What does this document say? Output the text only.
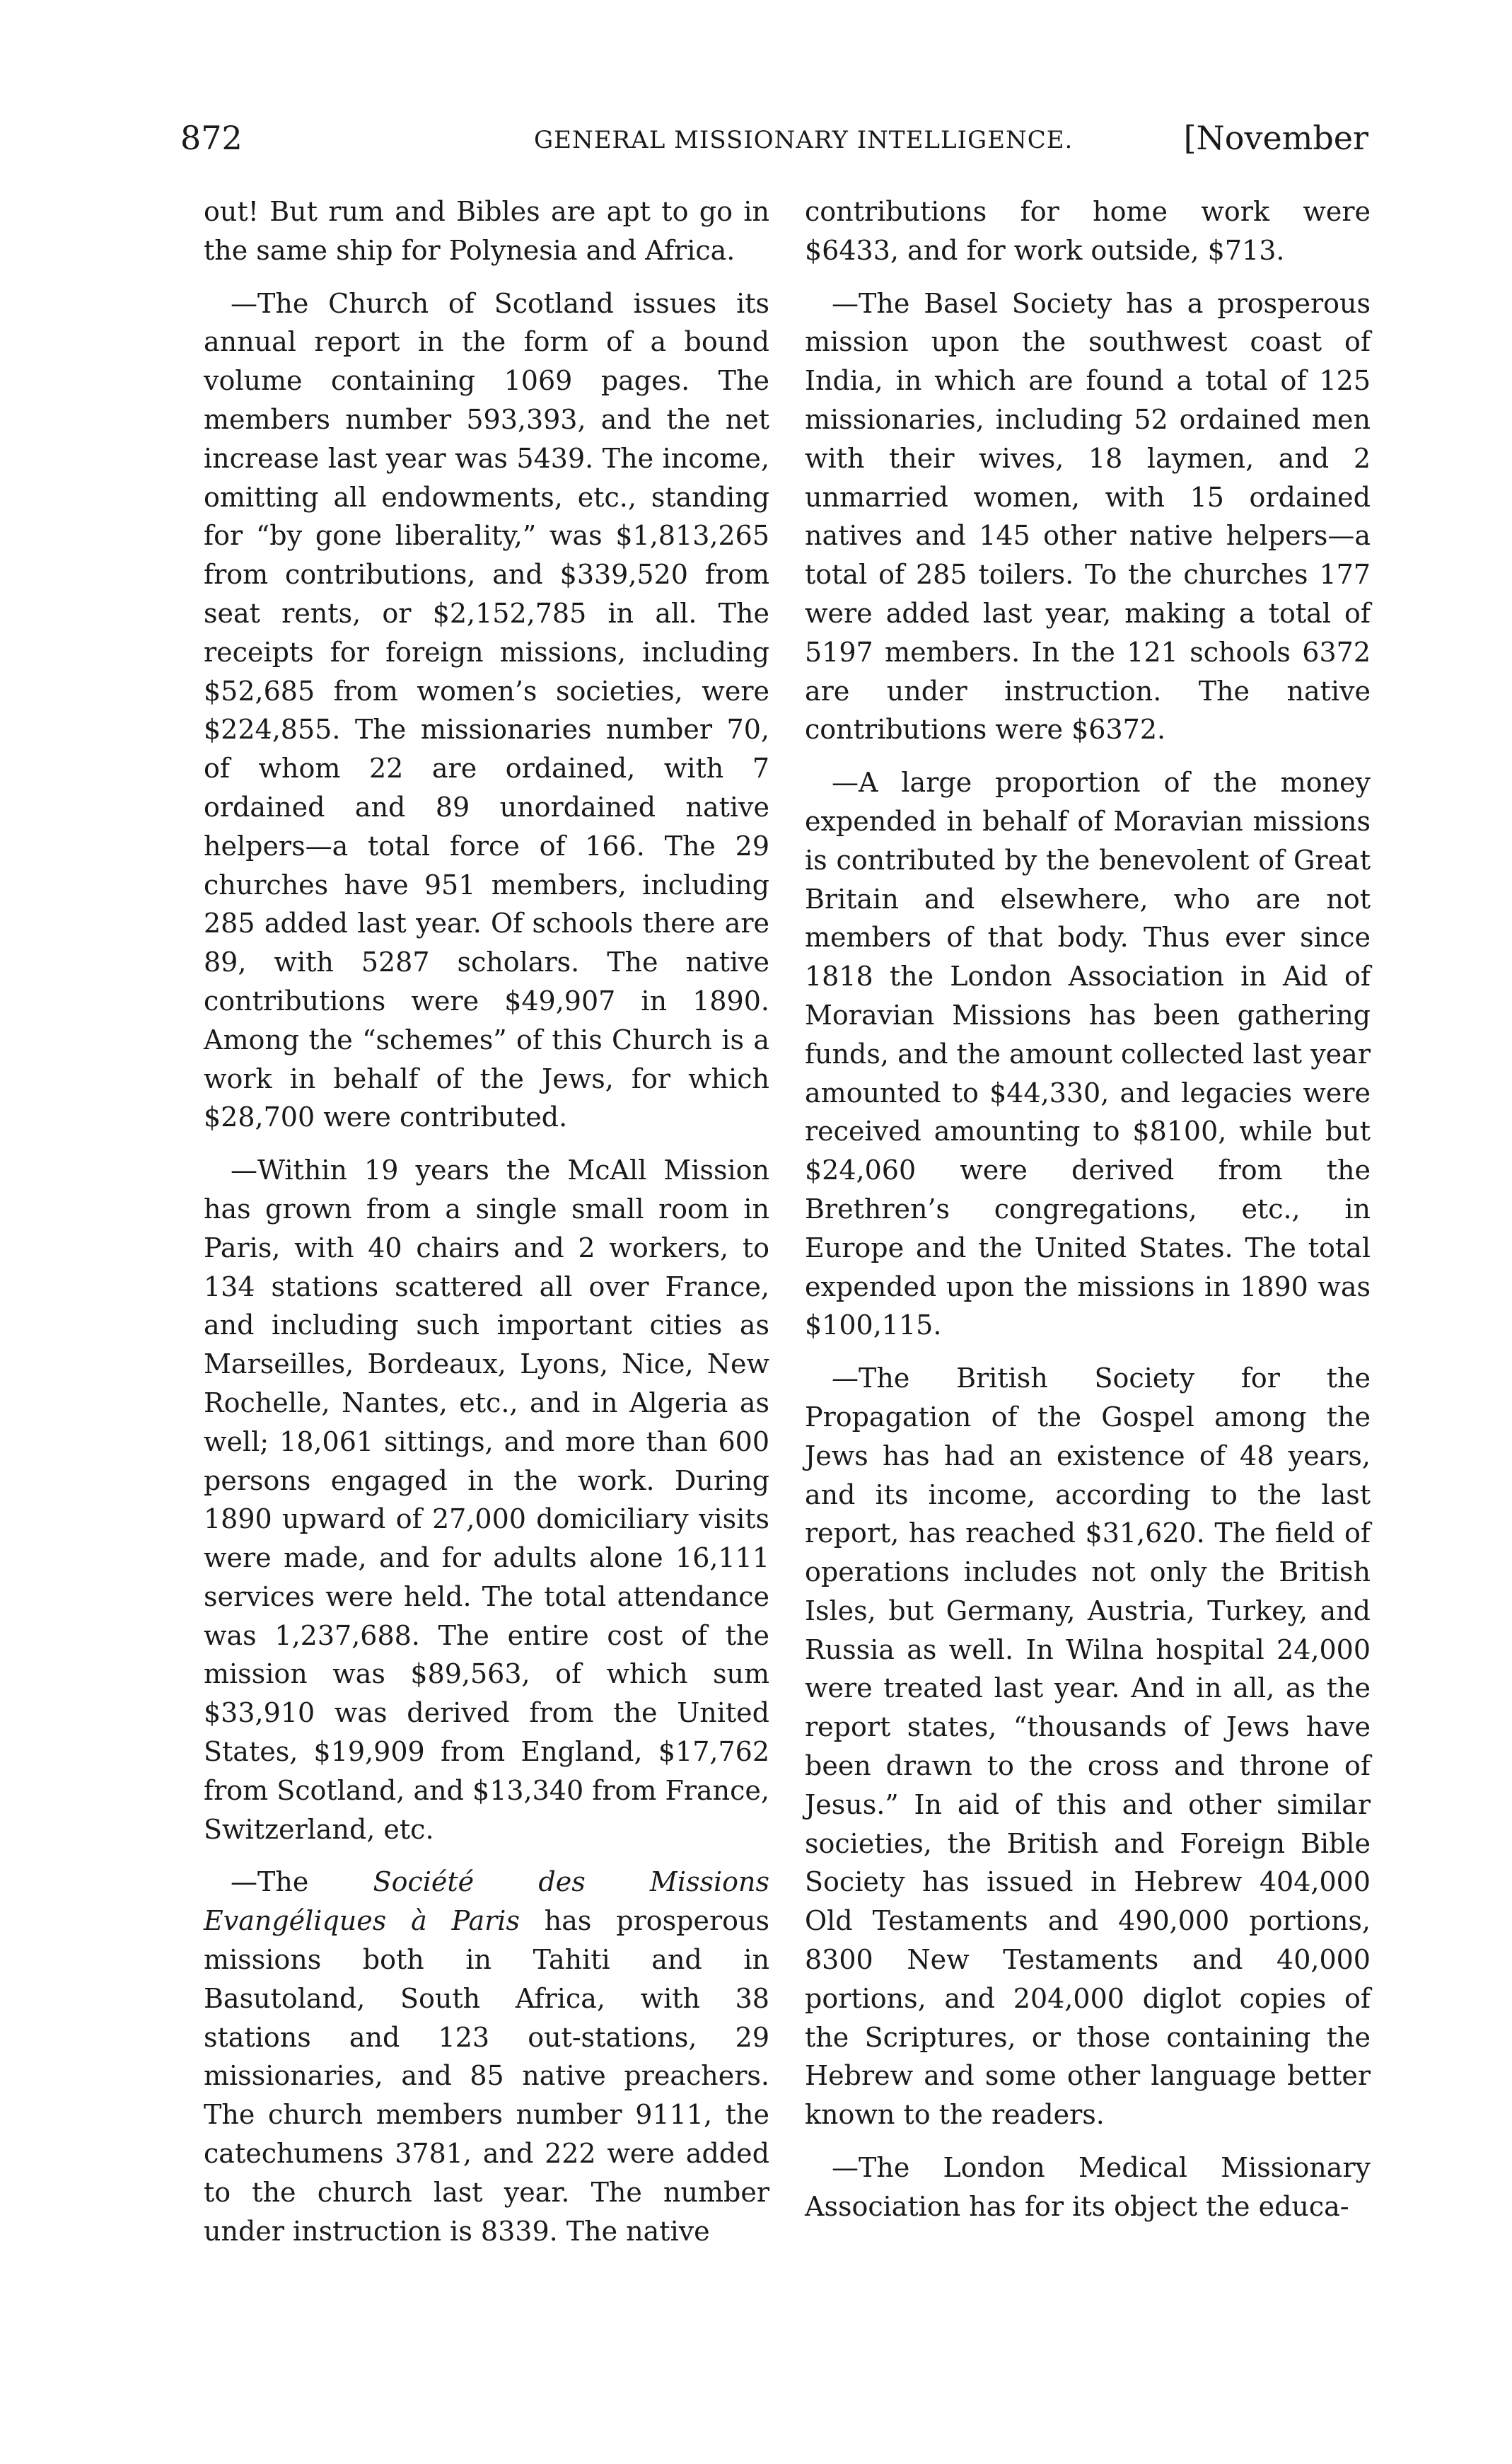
872	GENERAL MISSIONARY INTELLIGENCE.	[November

out! But rum and Bibles are apt to go in the same ship for Polynesia and Africa.

—The Church of Scotland issues its annual report in the form of a bound volume containing 1069 pages. The members number 593,393, and the net increase last year was 5439. The income, omitting all endowments, etc., standing for “by gone liberality,” was $1,813,265 from contributions, and $339,520 from seat rents, or $2,152,785 in all. The receipts for foreign missions, including $52,685 from women’s societies, were $224,855. The missionaries number 70, of whom 22 are ordained, with 7 ordained and 89 unordained native helpers—a total force of 166. The 29 churches have 951 members, including 285 added last year. Of schools there are 89, with 5287 scholars. The native contributions were $49,907 in 1890. Among the “schemes” of this Church is a work in behalf of the Jews, for which $28,700 were contributed.

—Within 19 years the McAll Mission has grown from a single small room in Paris, with 40 chairs and 2 workers, to 134 stations scattered all over France, and including such important cities as Marseilles, Bordeaux, Lyons, Nice, New Rochelle, Nantes, etc., and in Algeria as well; 18,061 sittings, and more than 600 persons engaged in the work. During 1890 upward of 27,000 domiciliary visits were made, and for adults alone 16,111 services were held. The total attendance was 1,237,688. The entire cost of the mission was $89,563, of which sum $33,910 was derived from the United States, $19,909 from England, $17,762 from Scotland, and $13,340 from France, Switzerland, etc.

—The Société des Missions Evangéliques à Paris has prosperous missions both in Tahiti and in Basutoland, South Africa, with 38 stations and 123 out-stations, 29 missionaries, and 85 native preachers. The church members number 9111, the catechumens 3781, and 222 were added to the church last year. The number under instruction is 8339. The native

contributions for home work were $6433, and for work outside, $713.

—The Basel Society has a prosperous mission upon the southwest coast of India, in which are found a total of 125 missionaries, including 52 ordained men with their wives, 18 laymen, and 2 unmarried women, with 15 ordained natives and 145 other native helpers—a total of 285 toilers. To the churches 177 were added last year, making a total of 5197 members. In the 121 schools 6372 are under instruction. The native contributions were $6372.

—A large proportion of the money expended in behalf of Moravian missions is contributed by the benevolent of Great Britain and elsewhere, who are not members of that body. Thus ever since 1818 the London Association in Aid of Moravian Missions has been gathering funds, and the amount collected last year amounted to $44,330, and legacies were received amounting to $8100, while but $24,060 were derived from the Brethren’s congregations, etc., in Europe and the United States. The total expended upon the missions in 1890 was $100,115.

—The British Society for the Propagation of the Gospel among the Jews has had an existence of 48 years, and its income, according to the last report, has reached $31,620. The field of operations includes not only the British Isles, but Germany, Austria, Turkey, and Russia as well. In Wilna hospital 24,000 were treated last year. And in all, as the report states, “thousands of Jews have been drawn to the cross and throne of Jesus.” In aid of this and other similar societies, the British and Foreign Bible Society has issued in Hebrew 404,000 Old Testaments and 490,000 portions, 8300 New Testaments and 40,000 portions, and 204,000 diglot copies of the Scriptures, or those containing the Hebrew and some other language better known to the readers.

—The London Medical Missionary Association has for its object the educa-
